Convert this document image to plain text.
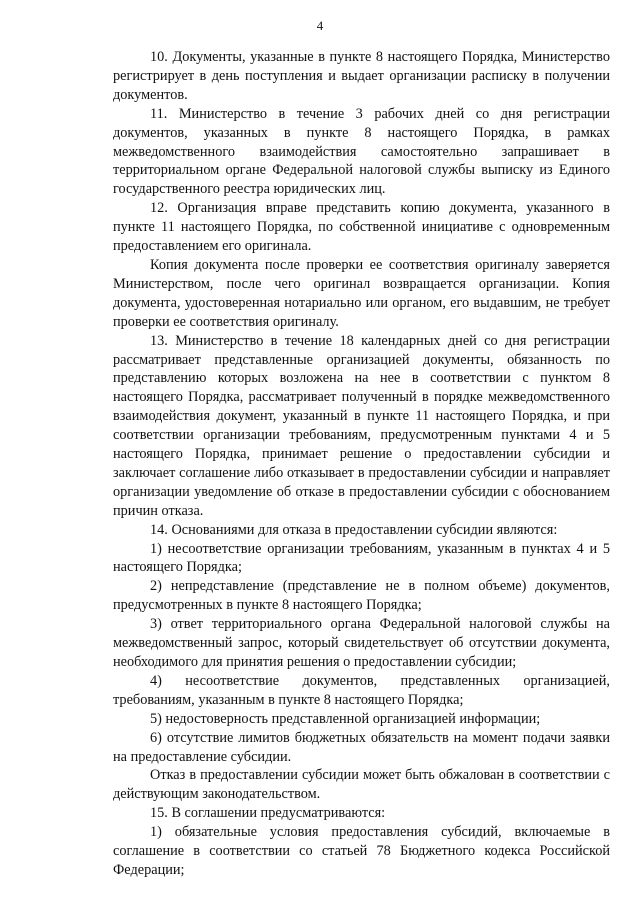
4

10. Документы, указанные в пункте 8 настоящего Порядка, Министерство регистрирует в день поступления и выдает организации расписку в получении документов.

11. Министерство в течение 3 рабочих дней со дня регистрации документов, указанных в пункте 8 настоящего Порядка, в рамках межведомственного взаимодействия самостоятельно запрашивает в территориальном органе Федеральной налоговой службы выписку из Единого государственного реестра юридических лиц.

12. Организация вправе представить копию документа, указанного в пункте 11 настоящего Порядка, по собственной инициативе с одновременным предоставлением его оригинала.

Копия документа после проверки ее соответствия оригиналу заверяется Министерством, после чего оригинал возвращается организации. Копия документа, удостоверенная нотариально или органом, его выдавшим, не требует проверки ее соответствия оригиналу.

13. Министерство в течение 18 календарных дней со дня регистрации рассматривает представленные организацией документы, обязанность по представлению которых возложена на нее в соответствии с пунктом 8 настоящего Порядка, рассматривает полученный в порядке межведомственного взаимодействия документ, указанный в пункте 11 настоящего Порядка, и при соответствии организации требованиям, предусмотренным пунктами 4 и 5 настоящего Порядка, принимает решение о предоставлении субсидии и заключает соглашение либо отказывает в предоставлении субсидии и направляет организации уведомление об отказе в предоставлении субсидии с обоснованием причин отказа.

14. Основаниями для отказа в предоставлении субсидии являются:

1) несоответствие организации требованиям, указанным в пунктах 4 и 5 настоящего Порядка;

2) непредставление (представление не в полном объеме) документов, предусмотренных в пункте 8 настоящего Порядка;

3) ответ территориального органа Федеральной налоговой службы на межведомственный запрос, который свидетельствует об отсутствии документа, необходимого для принятия решения о предоставлении субсидии;

4) несоответствие документов, представленных организацией, требованиям, указанным в пункте 8 настоящего Порядка;

5) недостоверность представленной организацией информации;

6) отсутствие лимитов бюджетных обязательств на момент подачи заявки на предоставление субсидии.

Отказ в предоставлении субсидии может быть обжалован в соответствии с действующим законодательством.

15. В соглашении предусматриваются:

1) обязательные условия предоставления субсидий, включаемые в соглашение в соответствии со статьей 78 Бюджетного кодекса Российской Федерации;
